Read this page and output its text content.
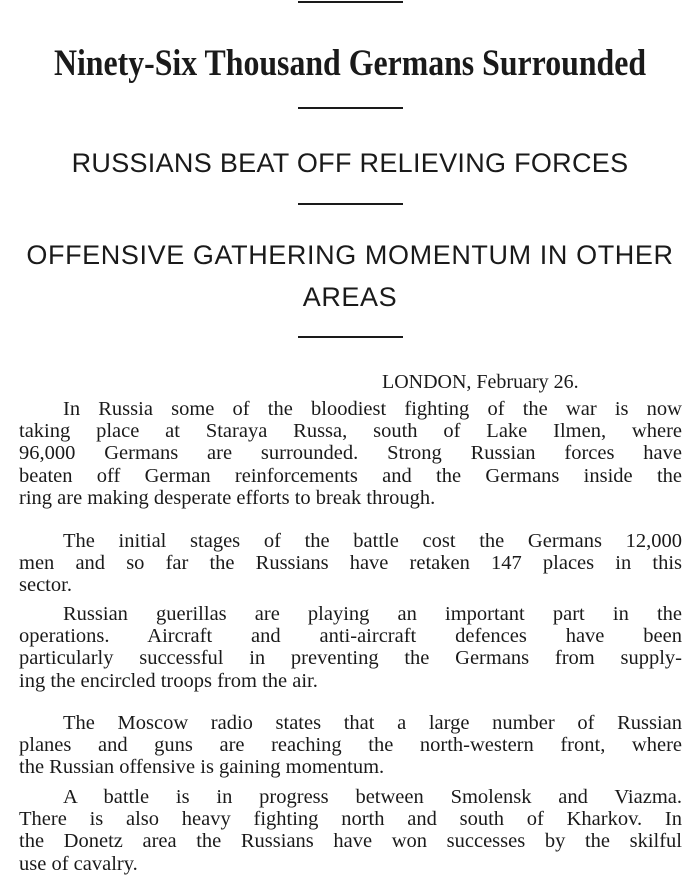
Ninety-Six Thousand Germans Surrounded
RUSSIANS BEAT OFF RELIEVING FORCES
OFFENSIVE GATHERING MOMENTUM IN OTHER
AREAS
LONDON, February 26.

In Russia some of the bloodiest fighting of the war is now
taking place at Staraya Russa, south of Lake Ilmen, where
96,000 Germans are surrounded. Strong Russian forces have
beaten off German reinforcements and the Germans inside the
ring are making desperate efforts to break through.

The initial stages of the battle cost the Germans 12,000
men and so far the Russians have retaken 147 places in this
sector.

Russian guerillas are playing an important part in the
operations. Aircraft and anti-aircraft defences have been
particularly successful in preventing the Germans from supply-
ing the encircled troops from the air.

The Moscow radio states that a large number of Russian
planes and guns are reaching the north-western front, where
the Russian offensive is gaining momentum.

A battle is in progress between Smolensk and Viazma.
There is also heavy fighting north and south of Kharkov. In
the Donetz area the Russians have won successes by the skilful
use of cavalry.
